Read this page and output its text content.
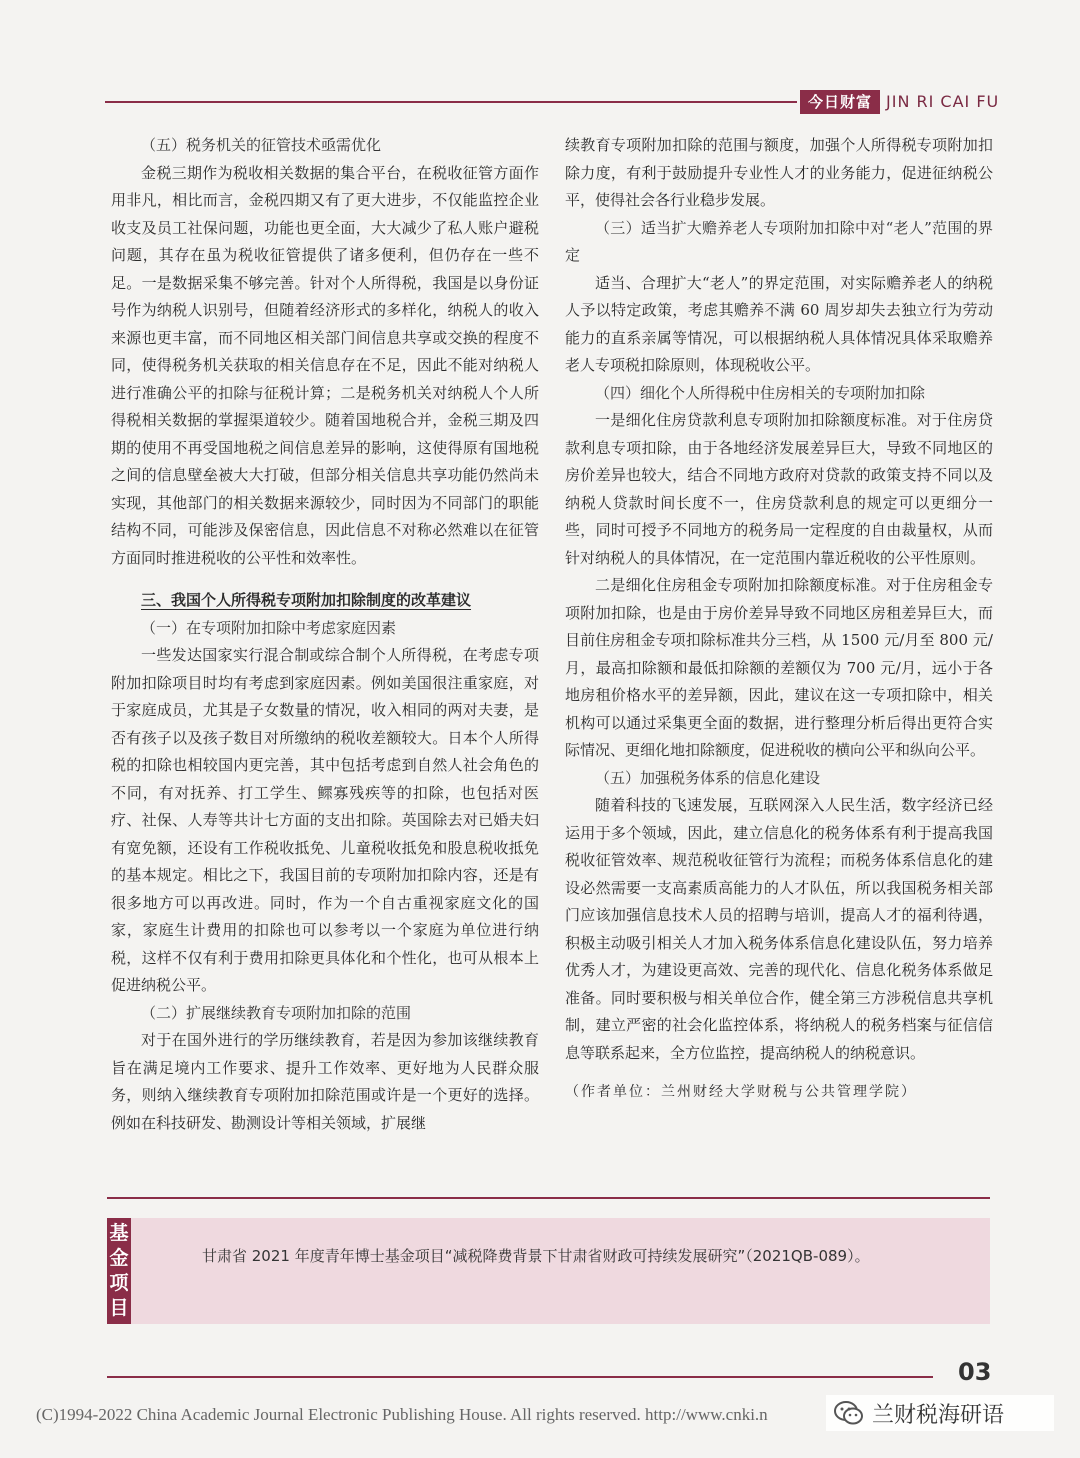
今日财富 JIN RI CAI FU

（五）税务机关的征管技术亟需优化

金税三期作为税收相关数据的集合平台，在税收征管方面作用非凡，相比而言，金税四期又有了更大进步，不仅能监控企业收支及员工社保问题，功能也更全面，大大减少了私人账户避税问题，其存在虽为税收征管提供了诸多便利，但仍存在一些不足。一是数据采集不够完善。针对个人所得税，我国是以身份证号作为纳税人识别号，但随着经济形式的多样化，纳税人的收入来源也更丰富，而不同地区相关部门间信息共享或交换的程度不同，使得税务机关获取的相关信息存在不足，因此不能对纳税人进行准确公平的扣除与征税计算；二是税务机关对纳税人个人所得税相关数据的掌握渠道较少。随着国地税合并，金税三期及四期的使用不再受国地税之间信息差异的影响，这使得原有国地税之间的信息壁垒被大大打破，但部分相关信息共享功能仍然尚未实现，其他部门的相关数据来源较少，同时因为不同部门的职能结构不同，可能涉及保密信息，因此信息不对称必然难以在征管方面同时推进税收的公平性和效率性。

三、我国个人所得税专项附加扣除制度的改革建议

（一）在专项附加扣除中考虑家庭因素

一些发达国家实行混合制或综合制个人所得税，在考虑专项附加扣除项目时均有考虑到家庭因素。例如美国很注重家庭，对于家庭成员，尤其是子女数量的情况，收入相同的两对夫妻，是否有孩子以及孩子数目对所缴纳的税收差额较大。日本个人所得税的扣除也相较国内更完善，其中包括考虑到自然人社会角色的不同，有对抚养、打工学生、鳏寡残疾等的扣除，也包括对医疗、社保、人寿等共计七方面的支出扣除。英国除去对已婚夫妇有宽免额，还设有工作税收抵免、儿童税收抵免和股息税收抵免的基本规定。相比之下，我国目前的专项附加扣除内容，还是有很多地方可以再改进。同时，作为一个自古重视家庭文化的国家，家庭生计费用的扣除也可以参考以一个家庭为单位进行纳税，这样不仅有利于费用扣除更具体化和个性化，也可从根本上促进纳税公平。

（二）扩展继续教育专项附加扣除的范围

对于在国外进行的学历继续教育，若是因为参加该继续教育旨在满足境内工作要求、提升工作效率、更好地为人民群众服务，则纳入继续教育专项附加扣除范围或许是一个更好的选择。例如在科技研发、勘测设计等相关领域，扩展继

续教育专项附加扣除的范围与额度，加强个人所得税专项附加扣除力度，有利于鼓励提升专业性人才的业务能力，促进征纳税公平，使得社会各行业稳步发展。

（三）适当扩大赡养老人专项附加扣除中对“老人”范围的界定

适当、合理扩大“老人”的界定范围，对实际赡养老人的纳税人予以特定政策，考虑其赡养不满 60 周岁却失去独立行为劳动能力的直系亲属等情况，可以根据纳税人具体情况具体采取赡养老人专项税扣除原则，体现税收公平。

（四）细化个人所得税中住房相关的专项附加扣除

一是细化住房贷款利息专项附加扣除额度标准。对于住房贷款利息专项扣除，由于各地经济发展差异巨大，导致不同地区的房价差异也较大，结合不同地方政府对贷款的政策支持不同以及纳税人贷款时间长度不一，住房贷款利息的规定可以更细分一些，同时可授予不同地方的税务局一定程度的自由裁量权，从而针对纳税人的具体情况，在一定范围内靠近税收的公平性原则。

二是细化住房租金专项附加扣除额度标准。对于住房租金专项附加扣除，也是由于房价差异导致不同地区房租差异巨大，而目前住房租金专项扣除标准共分三档，从 1500 元/月至 800 元/月，最高扣除额和最低扣除额的差额仅为 700 元/月，远小于各地房租价格水平的差异额，因此，建议在这一专项扣除中，相关机构可以通过采集更全面的数据，进行整理分析后得出更符合实际情况、更细化地扣除额度，促进税收的横向公平和纵向公平。

（五）加强税务体系的信息化建设

随着科技的飞速发展，互联网深入人民生活，数字经济已经运用于多个领域，因此，建立信息化的税务体系有利于提高我国税收征管效率、规范税收征管行为流程；而税务体系信息化的建设必然需要一支高素质高能力的人才队伍，所以我国税务相关部门应该加强信息技术人员的招聘与培训，提高人才的福利待遇，积极主动吸引相关人才加入税务体系信息化建设队伍，努力培养优秀人才，为建设更高效、完善的现代化、信息化税务体系做足准备。同时要积极与相关单位合作，健全第三方涉税信息共享机制，建立严密的社会化监控体系，将纳税人的税务档案与征信信息等联系起来，全方位监控，提高纳税人的纳税意识。

（作者单位：兰州财经大学财税与公共管理学院）

基金项目
甘肃省 2021 年度青年博士基金项目“减税降费背景下甘肃省财政可持续发展研究”（2021QB-089）。
03
(C)1994-2022 China Academic Journal Electronic Publishing House. All rights reserved. http://www.cnki.n	兰财税海研语
